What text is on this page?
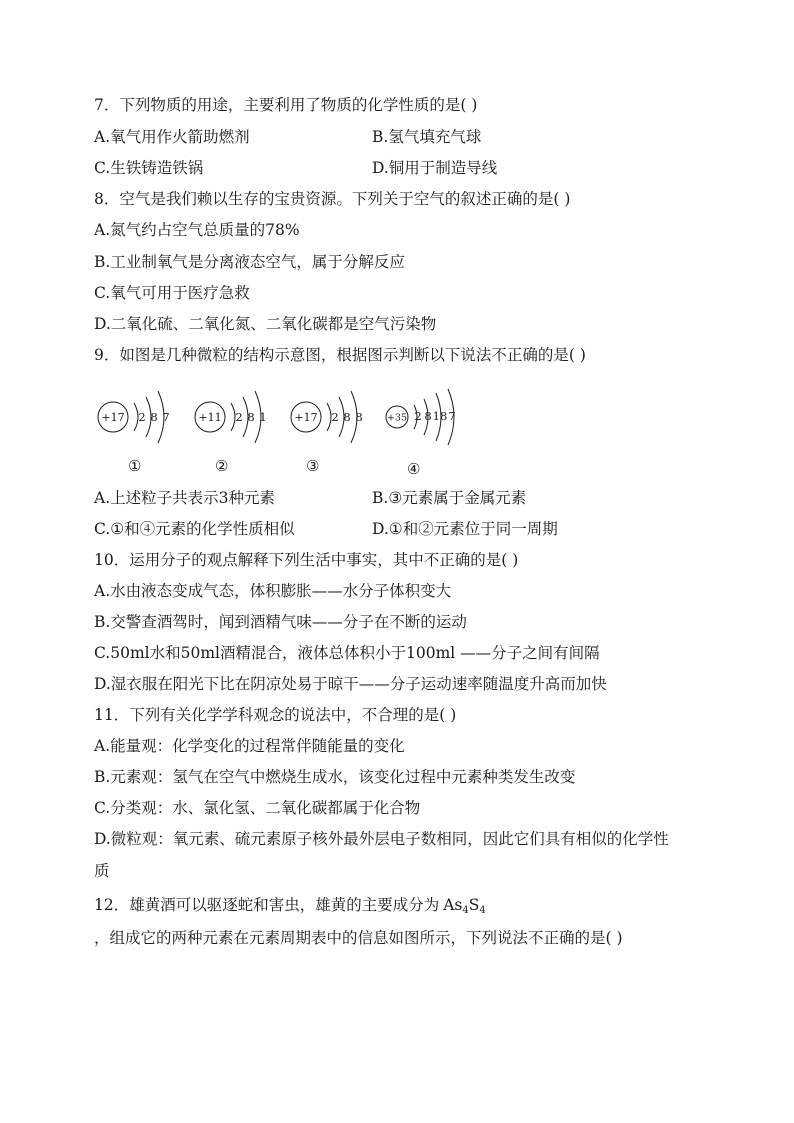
7．下列物质的用途，主要利用了物质的化学性质的是( )
A.氧气用作火箭助燃剂	B.氢气填充气球
C.生铁铸造铁锅	D.铜用于制造导线
8．空气是我们赖以生存的宝贵资源。下列关于空气的叙述正确的是( )
A.氮气约占空气总质量的78%
B.工业制氧气是分离液态空气，属于分解反应
C.氧气可用于医疗急救
D.二氧化硫、二氧化氮、二氧化碳都是空气污染物
9．如图是几种微粒的结构示意图，根据图示判断以下说法不正确的是( )
+17 2 8 7
①
+11 2 8 1
②
+17 2 8 8
③
+35 2 8 18 7
④
A.上述粒子共表示3种元素	B.③元素属于金属元素
C.①和④元素的化学性质相似	D.①和②元素位于同一周期
10．运用分子的观点解释下列生活中事实，其中不正确的是( )
A.水由液态变成气态，体积膨胀——水分子体积变大
B.交警查酒驾时，闻到酒精气味——分子在不断的运动
C.50ml水和50ml酒精混合，液体总体积小于100ml ——分子之间有间隔
D.湿衣服在阳光下比在阴凉处易于晾干——分子运动速率随温度升高而加快
11．下列有关化学学科观念的说法中，不合理的是( )
A.能量观：化学变化的过程常伴随能量的变化
B.元素观：氢气在空气中燃烧生成水，该变化过程中元素种类发生改变
C.分类观：水、氯化氢、二氧化碳都属于化合物
D.微粒观：氧元素、硫元素原子核外最外层电子数相同，因此它们具有相似的化学性
质
12．雄黄酒可以驱逐蛇和害虫，雄黄的主要成分为 $As_4S_4$
，组成它的两种元素在元素周期表中的信息如图所示，下列说法不正确的是( )
